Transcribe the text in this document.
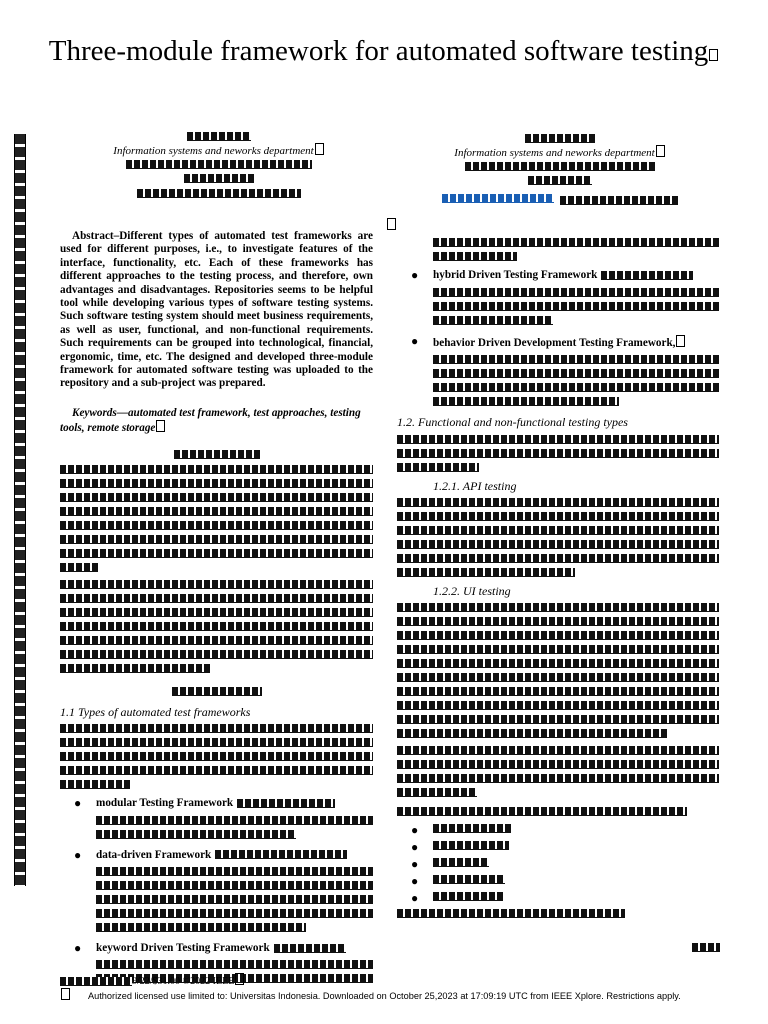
Three-module framework for automated software testing
Information systems and neworks department	Information systems and neworks department

Abstract–Different types of automated test frameworks are used for different purposes, i.e., to investigate features of the interface, functionality, etc. Each of these frameworks has different approaches to the testing process, and therefore, own advantages and disadvantages. Repositories seems to be helpful tool while developing various types of software testing systems. Such software testing system should meet business requirements, as well as user, functional, and non-functional requirements. Such requirements can be grouped into technological, financial, ergonomic, time, etc. The designed and developed three-module framework for automated software testing was uploaded to the repository and a sub-project was prepared.

Keywords—automated test framework, test approaches, testing tools, remote storage

1.1 Types of automated test frameworks
● modular Testing Framework
● data-driven Framework
● keyword Driven Testing Framework
● hybrid Driven Testing Framework
● behavior Driven Development Testing Framework,
1.2. Functional and non-functional testing types
1.2.1. API testing
1.2.2. UI testing
●
●
●
●
●
9/22/$31.00 ©2022 IEEE
Authorized licensed use limited to: Universitas Indonesia. Downloaded on October 25,2023 at 17:09:19 UTC from IEEE Xplore. Restrictions apply.
